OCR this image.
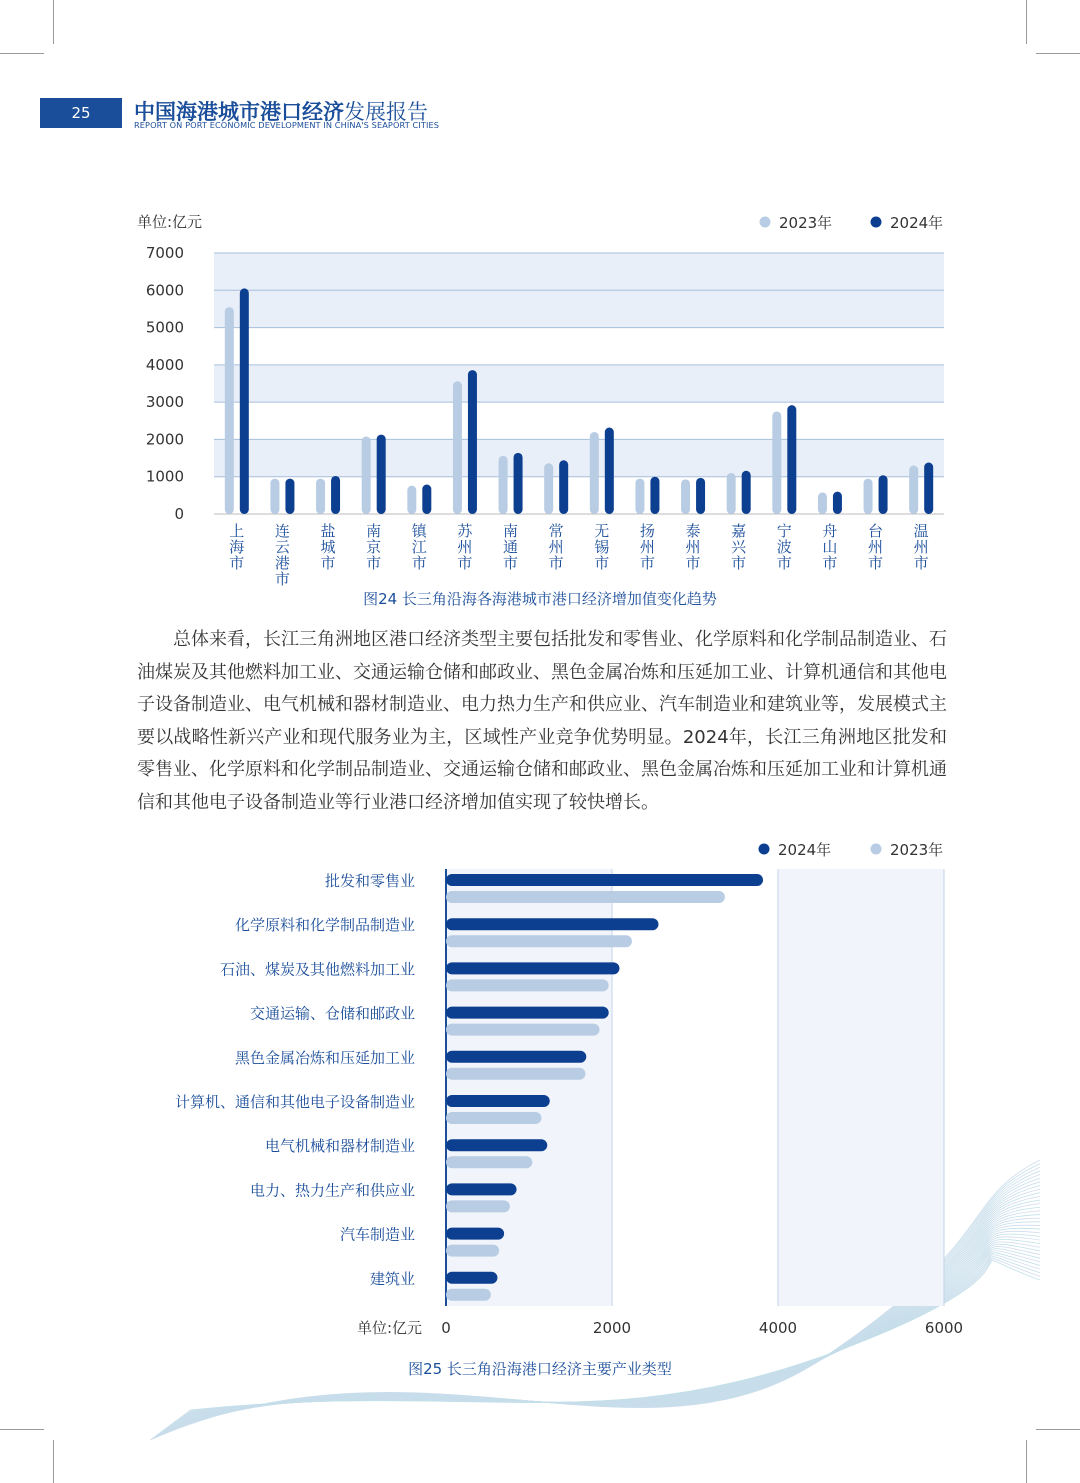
25	中国海港城市港口经济发展报告
REPORT ON PORT ECONOMIC DEVELOPMENT IN CHINA'S SEAPORT CITIES
0
1000
2000
3000
4000
5000
6000
7000
单位:亿元	2023年	2024年
上
海
市
连
云
港
市
盐
城
市
南
京
市
镇
江
市
苏
州
市
南
通
市
常
州
市
无
锡
市
扬
州
市
泰
州
市
嘉
兴
市
宁
波
市
舟
山
市
台
州
市
温
州
市
图24 长三角沿海各海港城市港口经济增加值变化趋势
总体来看，长江三角洲地区港口经济类型主要包括批发和零售业、化学原料和化学制品制造业、石油煤炭及其他燃料加工业、交通运输仓储和邮政业、黑色金属冶炼和压延加工业、计算机通信和其他电子设备制造业、电气机械和器材制造业、电力热力生产和供应业、汽车制造业和建筑业等，发展模式主要以战略性新兴产业和现代服务业为主，区域性产业竞争优势明显。2024年，长江三角洲地区批发和零售业、化学原料和化学制品制造业、交通运输仓储和邮政业、黑色金属冶炼和压延加工业和计算机通信和其他电子设备制造业等行业港口经济增加值实现了较快增长。
0	2000	4000	6000
单位:亿元
2024年	2023年
批发和零售业
化学原料和化学制品制造业
石油、煤炭及其他燃料加工业
交通运输、仓储和邮政业
黑色金属冶炼和压延加工业
计算机、通信和其他电子设备制造业
电气机械和器材制造业
电力、热力生产和供应业
汽车制造业
建筑业
图25 长三角沿海港口经济主要产业类型
